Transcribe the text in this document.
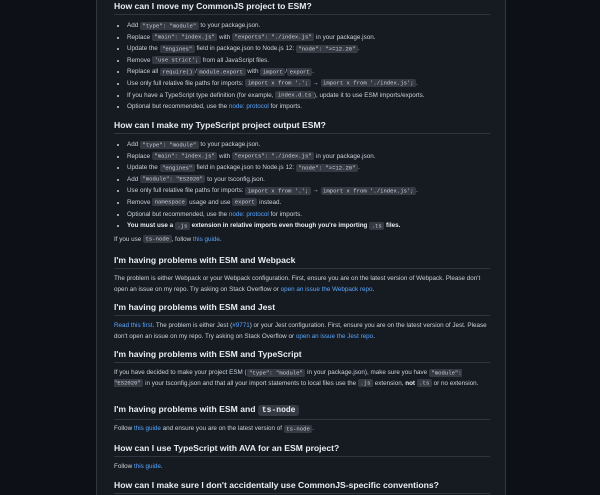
How can I move my CommonJS project to ESM?
• Add "type": "module" to your package.json.
• Replace "main": "index.js" with "exports": "./index.js" in your package.json.
• Update the "engines" field in package.json to Node.js 12: "node": ">=12.20" .
• Remove 'use strict'; from all JavaScript files.
• Replace all require() / module.export with import export .
• Use only full relative file paths for imports: import x from '.'; → import x from './index.js'; .
• If you have a TypeScript type definition (for example, index.d.ts ), update it to use ESM imports/exports.
• Optional but recommended, use the node: protocol for imports.
How can I make my TypeScript project output ESM?
• Add "type": "module" to your package.json.
• Replace "main": "index.js" with "exports": "./index.js" in your package.json.
• Update the "engines" field in package.json to Node.js 12: "node": ">=12.20" .
• Add "module": "ES2020" to your tsconfig.json.
• Use only full relative file paths for imports: import x from '.'; → import x from './index.js'; .
• Remove namespace usage and use export instead.
• Optional but recommended, use the node: protocol for imports.
• You must use a .js extension in relative imports even though you're importing .ts files.

If you use ts-node , follow this guide.

I'm having problems with ESM and Webpack

The problem is either Webpack or your Webpack configuration. First, ensure you are on the latest version of Webpack. Please don't open an issue on my repo. Try asking on Stack Overflow or open an issue the Webpack repo.

I'm having problems with ESM and Jest

Read this first. The problem is either Jest (#9771) or your Jest configuration. First, ensure you are on the latest version of Jest. Please don't open an issue on my repo. Try asking on Stack Overflow or open an issue the Jest repo.

I'm having problems with ESM and TypeScript

If you have decided to make your project ESM ( "type": "module" in your package.json), make sure you have "module": "ES2020" in your tsconfig.json and that all your import statements to local files use the .js extension, not .ts or no extension.

I'm having problems with ESM and ts-node

Follow this guide and ensure you are on the latest version of ts-node .

How can I use TypeScript with AVA for an ESM project?

Follow this guide.

How can I make sure I don't accidentally use CommonJS-specific conventions?
